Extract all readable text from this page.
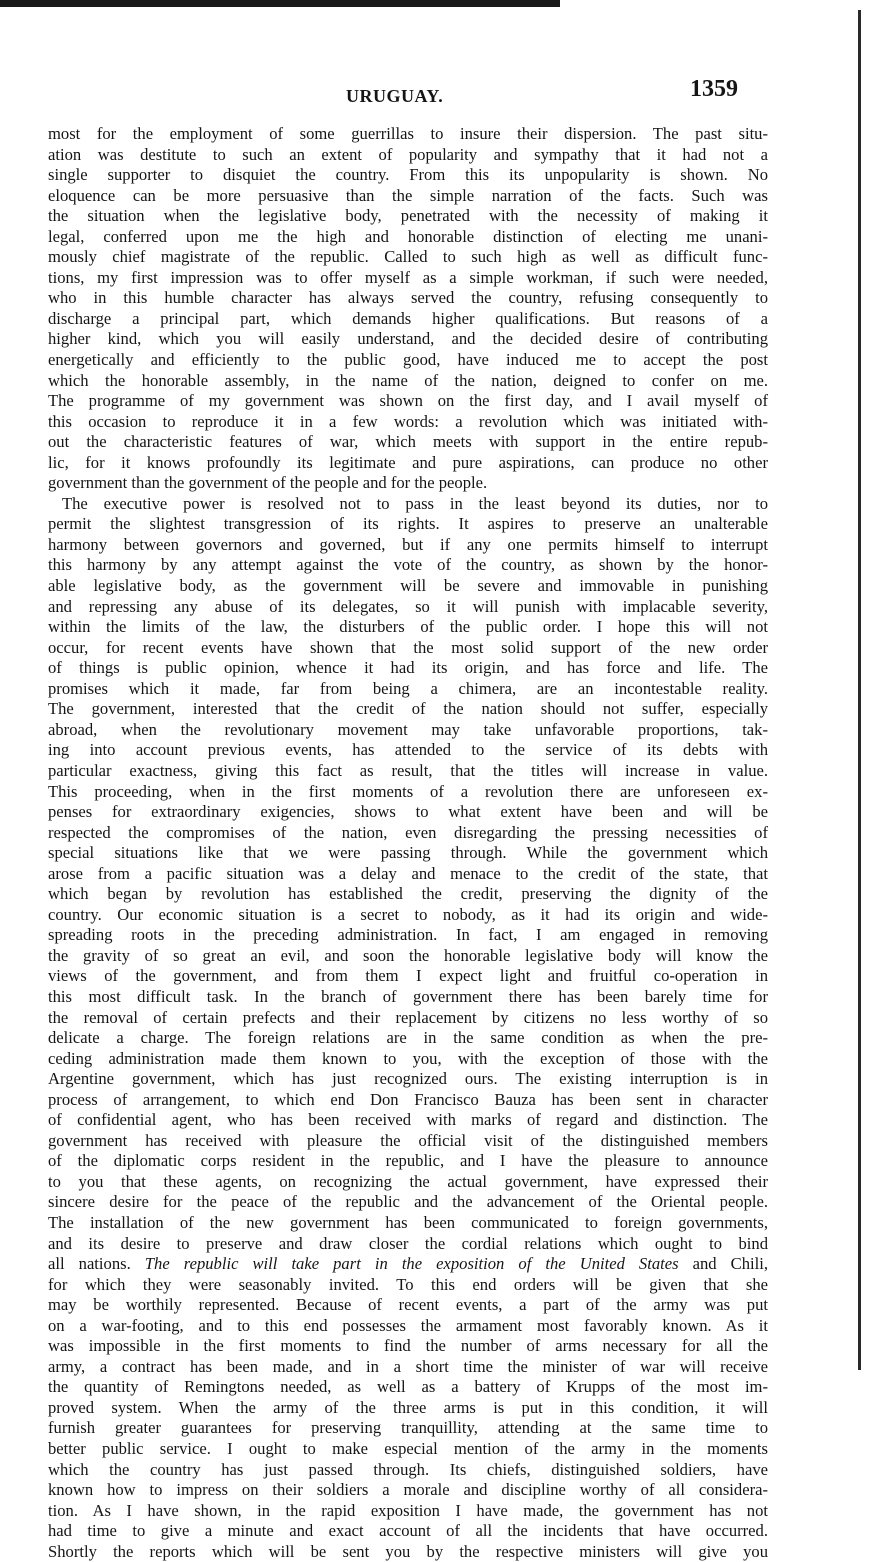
URUGUAY.	1359
most for the employment of some guerrillas to insure their dispersion. The past situ-
ation was destitute to such an extent of popularity and sympathy that it had not a
single supporter to disquiet the country. From this its unpopularity is shown. No
eloquence can be more persuasive than the simple narration of the facts. Such was
the situation when the legislative body, penetrated with the necessity of making it
legal, conferred upon me the high and honorable distinction of electing me unani-
mously chief magistrate of the republic. Called to such high as well as difficult func-
tions, my first impression was to offer myself as a simple workman, if such were needed,
who in this humble character has always served the country, refusing consequently to
discharge a principal part, which demands higher qualifications. But reasons of a
higher kind, which you will easily understand, and the decided desire of contributing
energetically and efficiently to the public good, have induced me to accept the post
which the honorable assembly, in the name of the nation, deigned to confer on me.
The programme of my government was shown on the first day, and I avail myself of
this occasion to reproduce it in a few words: a revolution which was initiated with-
out the characteristic features of war, which meets with support in the entire repub-
lic, for it knows profoundly its legitimate and pure aspirations, can produce no other
government than the government of the people and for the people.
The executive power is resolved not to pass in the least beyond its duties, nor to
permit the slightest transgression of its rights. It aspires to preserve an unalterable
harmony between governors and governed, but if any one permits himself to interrupt
this harmony by any attempt against the vote of the country, as shown by the honor-
able legislative body, as the government will be severe and immovable in punishing
and repressing any abuse of its delegates, so it will punish with implacable severity,
within the limits of the law, the disturbers of the public order. I hope this will not
occur, for recent events have shown that the most solid support of the new order
of things is public opinion, whence it had its origin, and has force and life. The
promises which it made, far from being a chimera, are an incontestable reality.
The government, interested that the credit of the nation should not suffer, especially
abroad, when the revolutionary movement may take unfavorable proportions, tak-
ing into account previous events, has attended to the service of its debts with
particular exactness, giving this fact as result, that the titles will increase in value.
This proceeding, when in the first moments of a revolution there are unforeseen ex-
penses for extraordinary exigencies, shows to what extent have been and will be
respected the compromises of the nation, even disregarding the pressing necessities of
special situations like that we were passing through. While the government which
arose from a pacific situation was a delay and menace to the credit of the state, that
which began by revolution has established the credit, preserving the dignity of the
country. Our economic situation is a secret to nobody, as it had its origin and wide-
spreading roots in the preceding administration. In fact, I am engaged in removing
the gravity of so great an evil, and soon the honorable legislative body will know the
views of the government, and from them I expect light and fruitful co-operation in
this most difficult task. In the branch of government there has been barely time for
the removal of certain prefects and their replacement by citizens no less worthy of so
delicate a charge. The foreign relations are in the same condition as when the pre-
ceding administration made them known to you, with the exception of those with the
Argentine government, which has just recognized ours. The existing interruption is in
process of arrangement, to which end Don Francisco Bauza has been sent in character
of confidential agent, who has been received with marks of regard and distinction. The
government has received with pleasure the official visit of the distinguished members
of the diplomatic corps resident in the republic, and I have the pleasure to announce
to you that these agents, on recognizing the actual government, have expressed their
sincere desire for the peace of the republic and the advancement of the Oriental people.
The installation of the new government has been communicated to foreign governments,
and its desire to preserve and draw closer the cordial relations which ought to bind
all nations. The republic will take part in the exposition of the United States and Chili,
for which they were seasonably invited. To this end orders will be given that she
may be worthily represented. Because of recent events, a part of the army was put
on a war-footing, and to this end possesses the armament most favorably known. As it
was impossible in the first moments to find the number of arms necessary for all the
army, a contract has been made, and in a short time the minister of war will receive
the quantity of Remingtons needed, as well as a battery of Krupps of the most im-
proved system. When the army of the three arms is put in this condition, it will
furnish greater guarantees for preserving tranquillity, attending at the same time to
better public service. I ought to make especial mention of the army in the moments
which the country has just passed through. Its chiefs, distinguished soldiers, have
known how to impress on their soldiers a morale and discipline worthy of all considera-
tion. As I have shown, in the rapid exposition I have made, the government has not
had time to give a minute and exact account of all the incidents that have occurred.
Shortly the reports which will be sent you by the respective ministers will give you
